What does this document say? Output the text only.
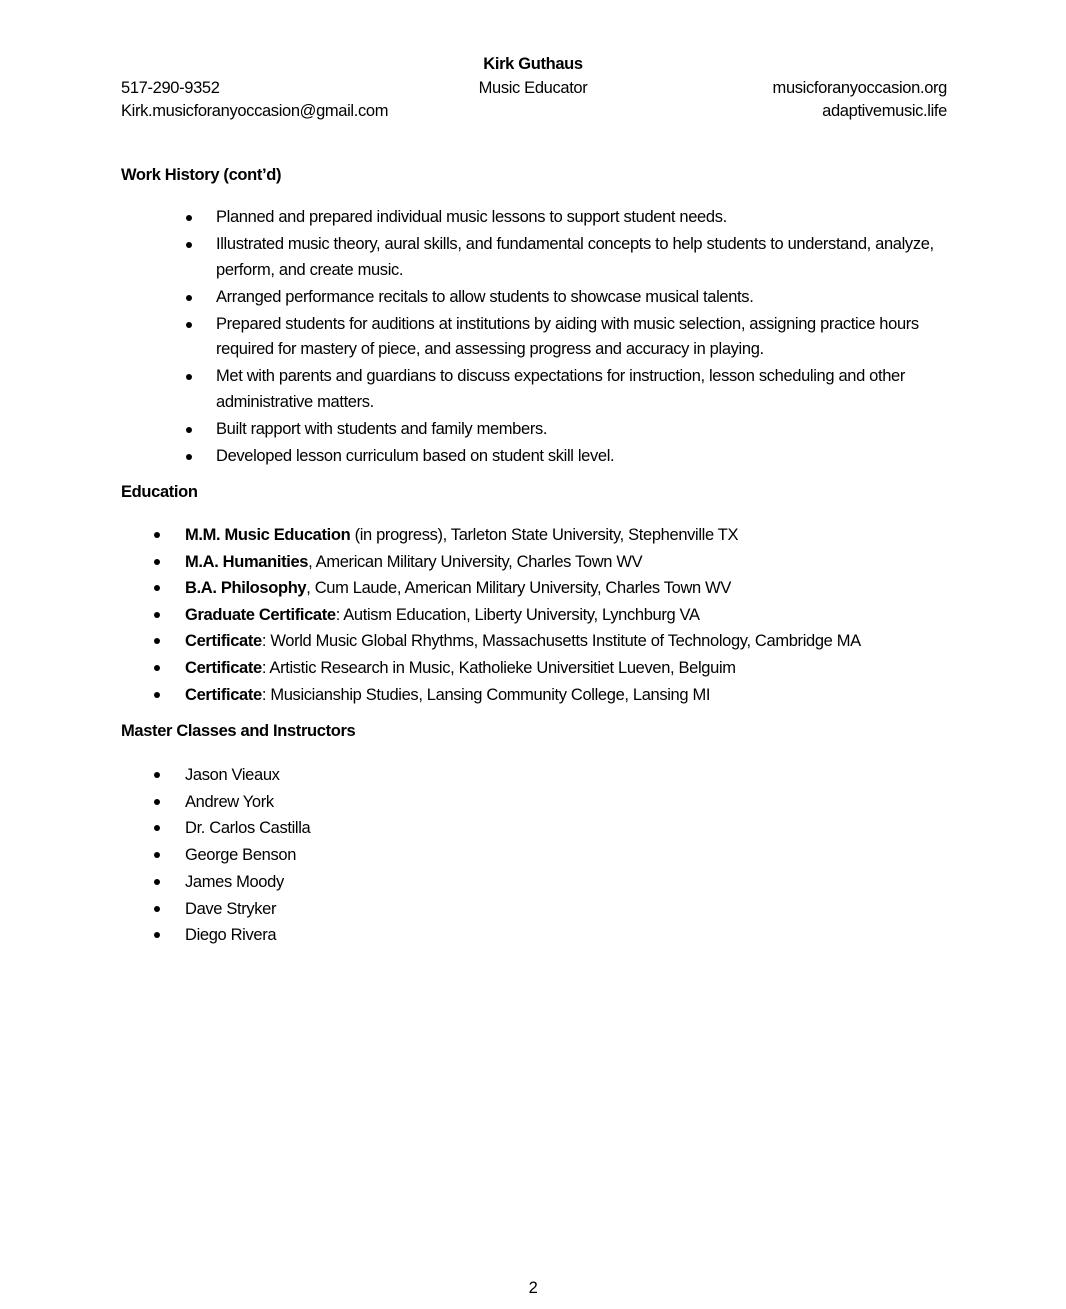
Kirk Guthaus
517-290-9352	Music Educator	musicforanyoccasion.org
Kirk.musicforanyoccasion@gmail.com	adaptivemusic.life
Work History (cont’d)
Planned and prepared individual music lessons to support student needs.
Illustrated music theory, aural skills, and fundamental concepts to help students to understand, analyze, perform, and create music.
Arranged performance recitals to allow students to showcase musical talents.
Prepared students for auditions at institutions by aiding with music selection, assigning practice hours required for mastery of piece, and assessing progress and accuracy in playing.
Met with parents and guardians to discuss expectations for instruction, lesson scheduling and other administrative matters.
Built rapport with students and family members.
Developed lesson curriculum based on student skill level.
Education
M.M. Music Education (in progress), Tarleton State University, Stephenville TX
M.A. Humanities, American Military University, Charles Town WV
B.A. Philosophy, Cum Laude, American Military University, Charles Town WV
Graduate Certificate: Autism Education, Liberty University, Lynchburg VA
Certificate: World Music Global Rhythms, Massachusetts Institute of Technology, Cambridge MA
Certificate: Artistic Research in Music, Katholieke Universitiet Lueven, Belguim
Certificate: Musicianship Studies, Lansing Community College, Lansing MI
Master Classes and Instructors
Jason Vieaux
Andrew York
Dr. Carlos Castilla
George Benson
James Moody
Dave Stryker
Diego Rivera
2
